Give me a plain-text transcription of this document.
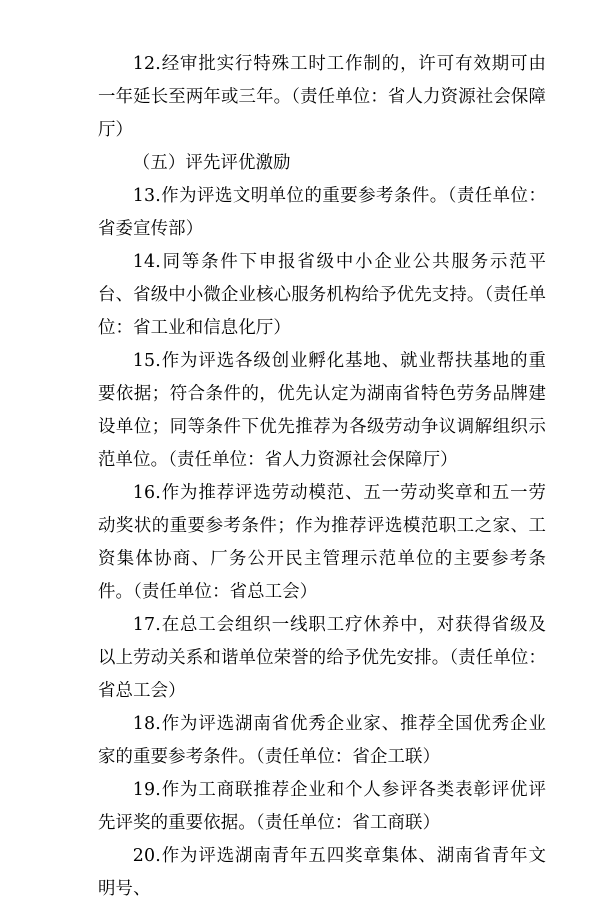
12.经审批实行特殊工时工作制的，许可有效期可由一年延长至两年或三年。（责任单位：省人力资源社会保障厅）

（五）评先评优激励

13.作为评选文明单位的重要参考条件。（责任单位：省委宣传部）

14.同等条件下申报省级中小企业公共服务示范平台、省级中小微企业核心服务机构给予优先支持。（责任单位：省工业和信息化厅）

15.作为评选各级创业孵化基地、就业帮扶基地的重要依据；符合条件的，优先认定为湖南省特色劳务品牌建设单位；同等条件下优先推荐为各级劳动争议调解组织示范单位。（责任单位：省人力资源社会保障厅）

16.作为推荐评选劳动模范、五一劳动奖章和五一劳动奖状的重要参考条件；作为推荐评选模范职工之家、工资集体协商、厂务公开民主管理示范单位的主要参考条件。（责任单位：省总工会）

17.在总工会组织一线职工疗休养中，对获得省级及以上劳动关系和谐单位荣誉的给予优先安排。（责任单位：省总工会）

18.作为评选湖南省优秀企业家、推荐全国优秀企业家的重要参考条件。（责任单位：省企工联）

19.作为工商联推荐企业和个人参评各类表彰评优评先评奖的重要依据。（责任单位：省工商联）

20.作为评选湖南青年五四奖章集体、湖南省青年文明号、
